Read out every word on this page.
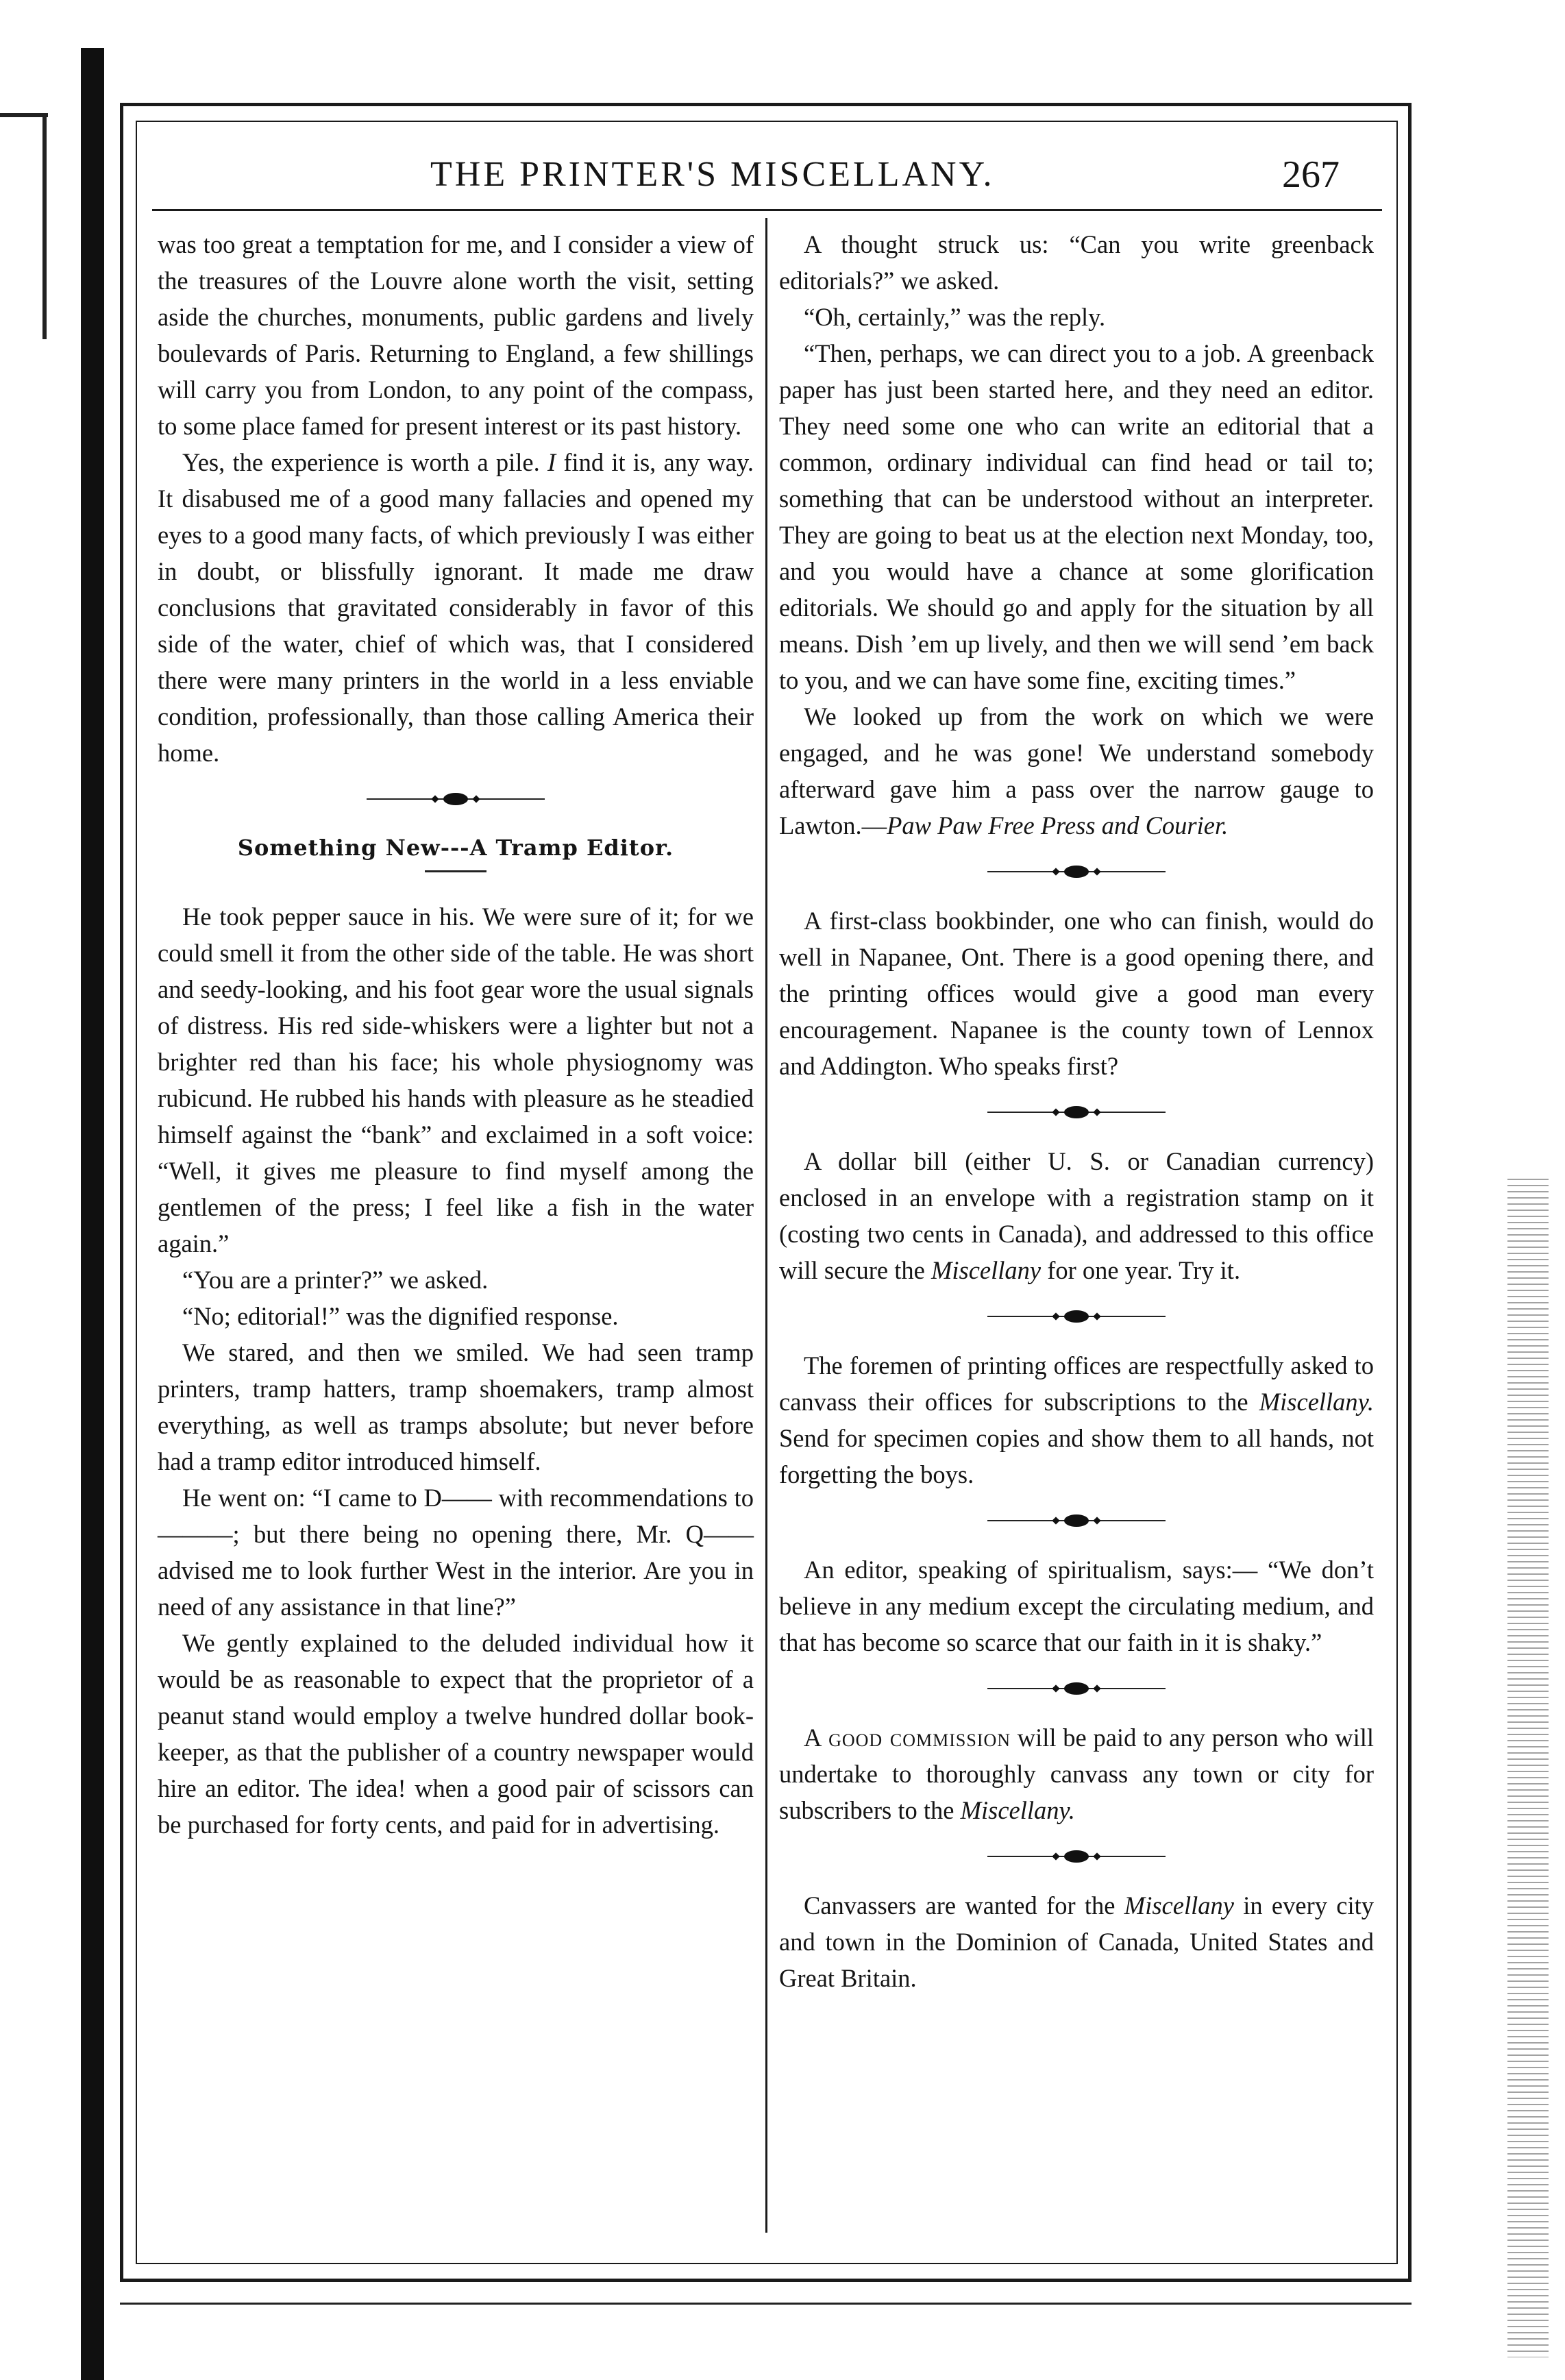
THE PRINTER'S MISCELLANY.	267

was too great a temptation for me, and I consider a view of the treasures of the Louvre alone worth the visit, setting aside the churches, monuments, public gardens and lively boulevards of Paris. Returning to England, a few shillings will carry you from London, to any point of the compass, to some place famed for present interest or its past history.

Yes, the experience is worth a pile. I find it is, any way. It disabused me of a good many fallacies and opened my eyes to a good many facts, of which previously I was either in doubt, or blissfully ignorant. It made me draw conclusions that gravitated considerably in favor of this side of the water, chief of which was, that I considered there were many printers in the world in a less enviable condition, professionally, than those calling America their home.

Something New---A Tramp Editor.

He took pepper sauce in his. We were sure of it; for we could smell it from the other side of the table. He was short and seedy-looking, and his foot gear wore the usual signals of distress. His red side-whiskers were a lighter but not a brighter red than his face; his whole physiognomy was rubicund. He rubbed his hands with pleasure as he steadied himself against the “bank” and exclaimed in a soft voice: “Well, it gives me pleasure to find myself among the gentlemen of the press; I feel like a fish in the water again.”

“You are a printer?” we asked.

“No; editorial!” was the dignified response.

We stared, and then we smiled. We had seen tramp printers, tramp hatters, tramp shoemakers, tramp almost everything, as well as tramps absolute; but never before had a tramp editor introduced himself.

He went on: “I came to D—— with recommendations to ———; but there being no opening there, Mr. Q—— advised me to look further West in the interior. Are you in need of any assistance in that line?”

We gently explained to the deluded individual how it would be as reasonable to expect that the proprietor of a peanut stand would employ a twelve hundred dollar book-keeper, as that the publisher of a country newspaper would hire an editor. The idea! when a good pair of scissors can be purchased for forty cents, and paid for in advertising.

A thought struck us: “Can you write greenback editorials?” we asked.

“Oh, certainly,” was the reply.

“Then, perhaps, we can direct you to a job. A greenback paper has just been started here, and they need an editor. They need some one who can write an editorial that a common, ordinary individual can find head or tail to; something that can be understood without an interpreter. They are going to beat us at the election next Monday, too, and you would have a chance at some glorification editorials. We should go and apply for the situation by all means. Dish ’em up lively, and then we will send ’em back to you, and we can have some fine, exciting times.”

We looked up from the work on which we were engaged, and he was gone! We understand somebody afterward gave him a pass over the narrow gauge to Lawton.—Paw Paw Free Press and Courier.

A first-class bookbinder, one who can finish, would do well in Napanee, Ont. There is a good opening there, and the printing offices would give a good man every encouragement. Napanee is the county town of Lennox and Addington. Who speaks first?

A dollar bill (either U. S. or Canadian currency) enclosed in an envelope with a registration stamp on it (costing two cents in Canada), and addressed to this office will secure the Miscellany for one year. Try it.

The foremen of printing offices are respectfully asked to canvass their offices for subscriptions to the Miscellany. Send for specimen copies and show them to all hands, not forgetting the boys.

An editor, speaking of spiritualism, says:— “We don’t believe in any medium except the circulating medium, and that has become so scarce that our faith in it is shaky.”

A good commission will be paid to any person who will undertake to thoroughly canvass any town or city for subscribers to the Miscellany.

Canvassers are wanted for the Miscellany in every city and town in the Dominion of Canada, United States and Great Britain.
